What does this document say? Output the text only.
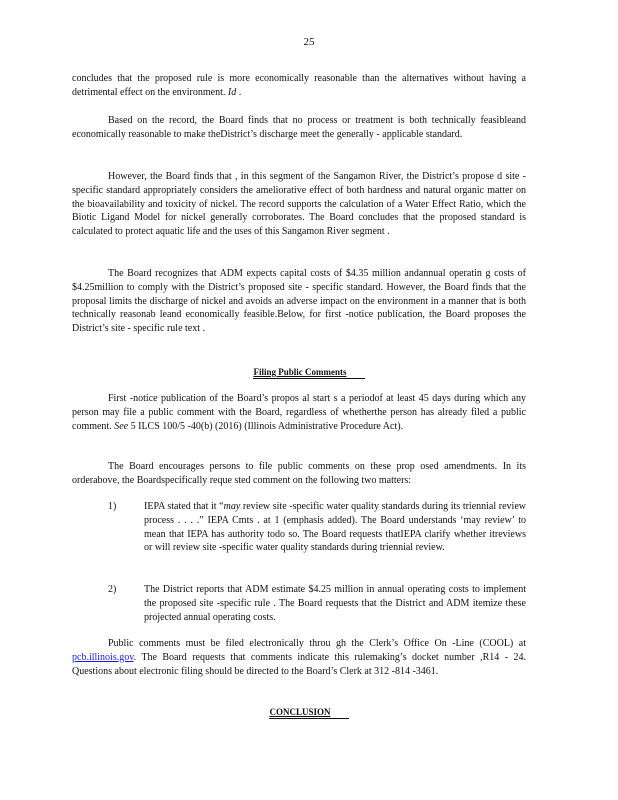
25

concludes that the proposed rule is more economically reasonable than the alternatives without having a detrimental effect on the environment. Id .

Based on the record, the Board finds that no process or treatment is both technically feasibleand economically reasonable to make theDistrict’s discharge meet the generally - applicable standard.

However, the Board finds that , in this segment of the Sangamon River, the District’s propose d site -specific standard appropriately considers the ameliorative effect of both hardness and natural organic matter on the bioavailability and toxicity of nickel. The record supports the calculation of a Water Effect Ratio, which the Biotic Ligand Model for nickel generally corroborates. The Board concludes that the proposed standard is calculated to protect aquatic life and the uses of this Sangamon River segment .

The Board recognizes that ADM expects capital costs of $4.35 million andannual operatin g costs of $4.25million to comply with the District’s proposed site - specific standard. However, the Board finds that the proposal limits the discharge of nickel and avoids an adverse impact on the environment in a manner that is both technically reasonab leand economically feasible.Below, for first -notice publication, the Board proposes the District’s site - specific rule text .

Filing Public Comments

First -notice publication of the Board’s propos al start s a periodof at least 45 days during which any person may file a public comment with the Board, regardless of whetherthe person has already filed a public comment. See 5 ILCS 100/5 -40(b) (2016) (Illinois Administrative Procedure Act).

The Board encourages persons to file public comments on these prop osed amendments. In its orderabove, the Boardspecifically reque sted comment on the following two matters:

1)	IEPA stated that it “may review site -specific water quality standards during its triennial review process . . . .” IEPA Cmts . at 1 (emphasis added). The Board understands ‘may review’ to mean that IEPA has authority todo so. The Board requests thatIEPA clarify whether itreviews or will review site -specific water quality standards during triennial review.

2)	The District reports that ADM estimate $4.25 million in annual operating costs to implement the proposed site -specific rule . The Board requests that the District and ADM itemize these projected annual operating costs.

Public comments must be filed electronically throu gh the Clerk’s Office On -Line (COOL) at pcb.illinois.gov. The Board requests that comments indicate this rulemaking’s docket number ,R14 - 24. Questions about electronic filing should be directed to the Board’s Clerk at 312 -814 -3461.

CONCLUSION
